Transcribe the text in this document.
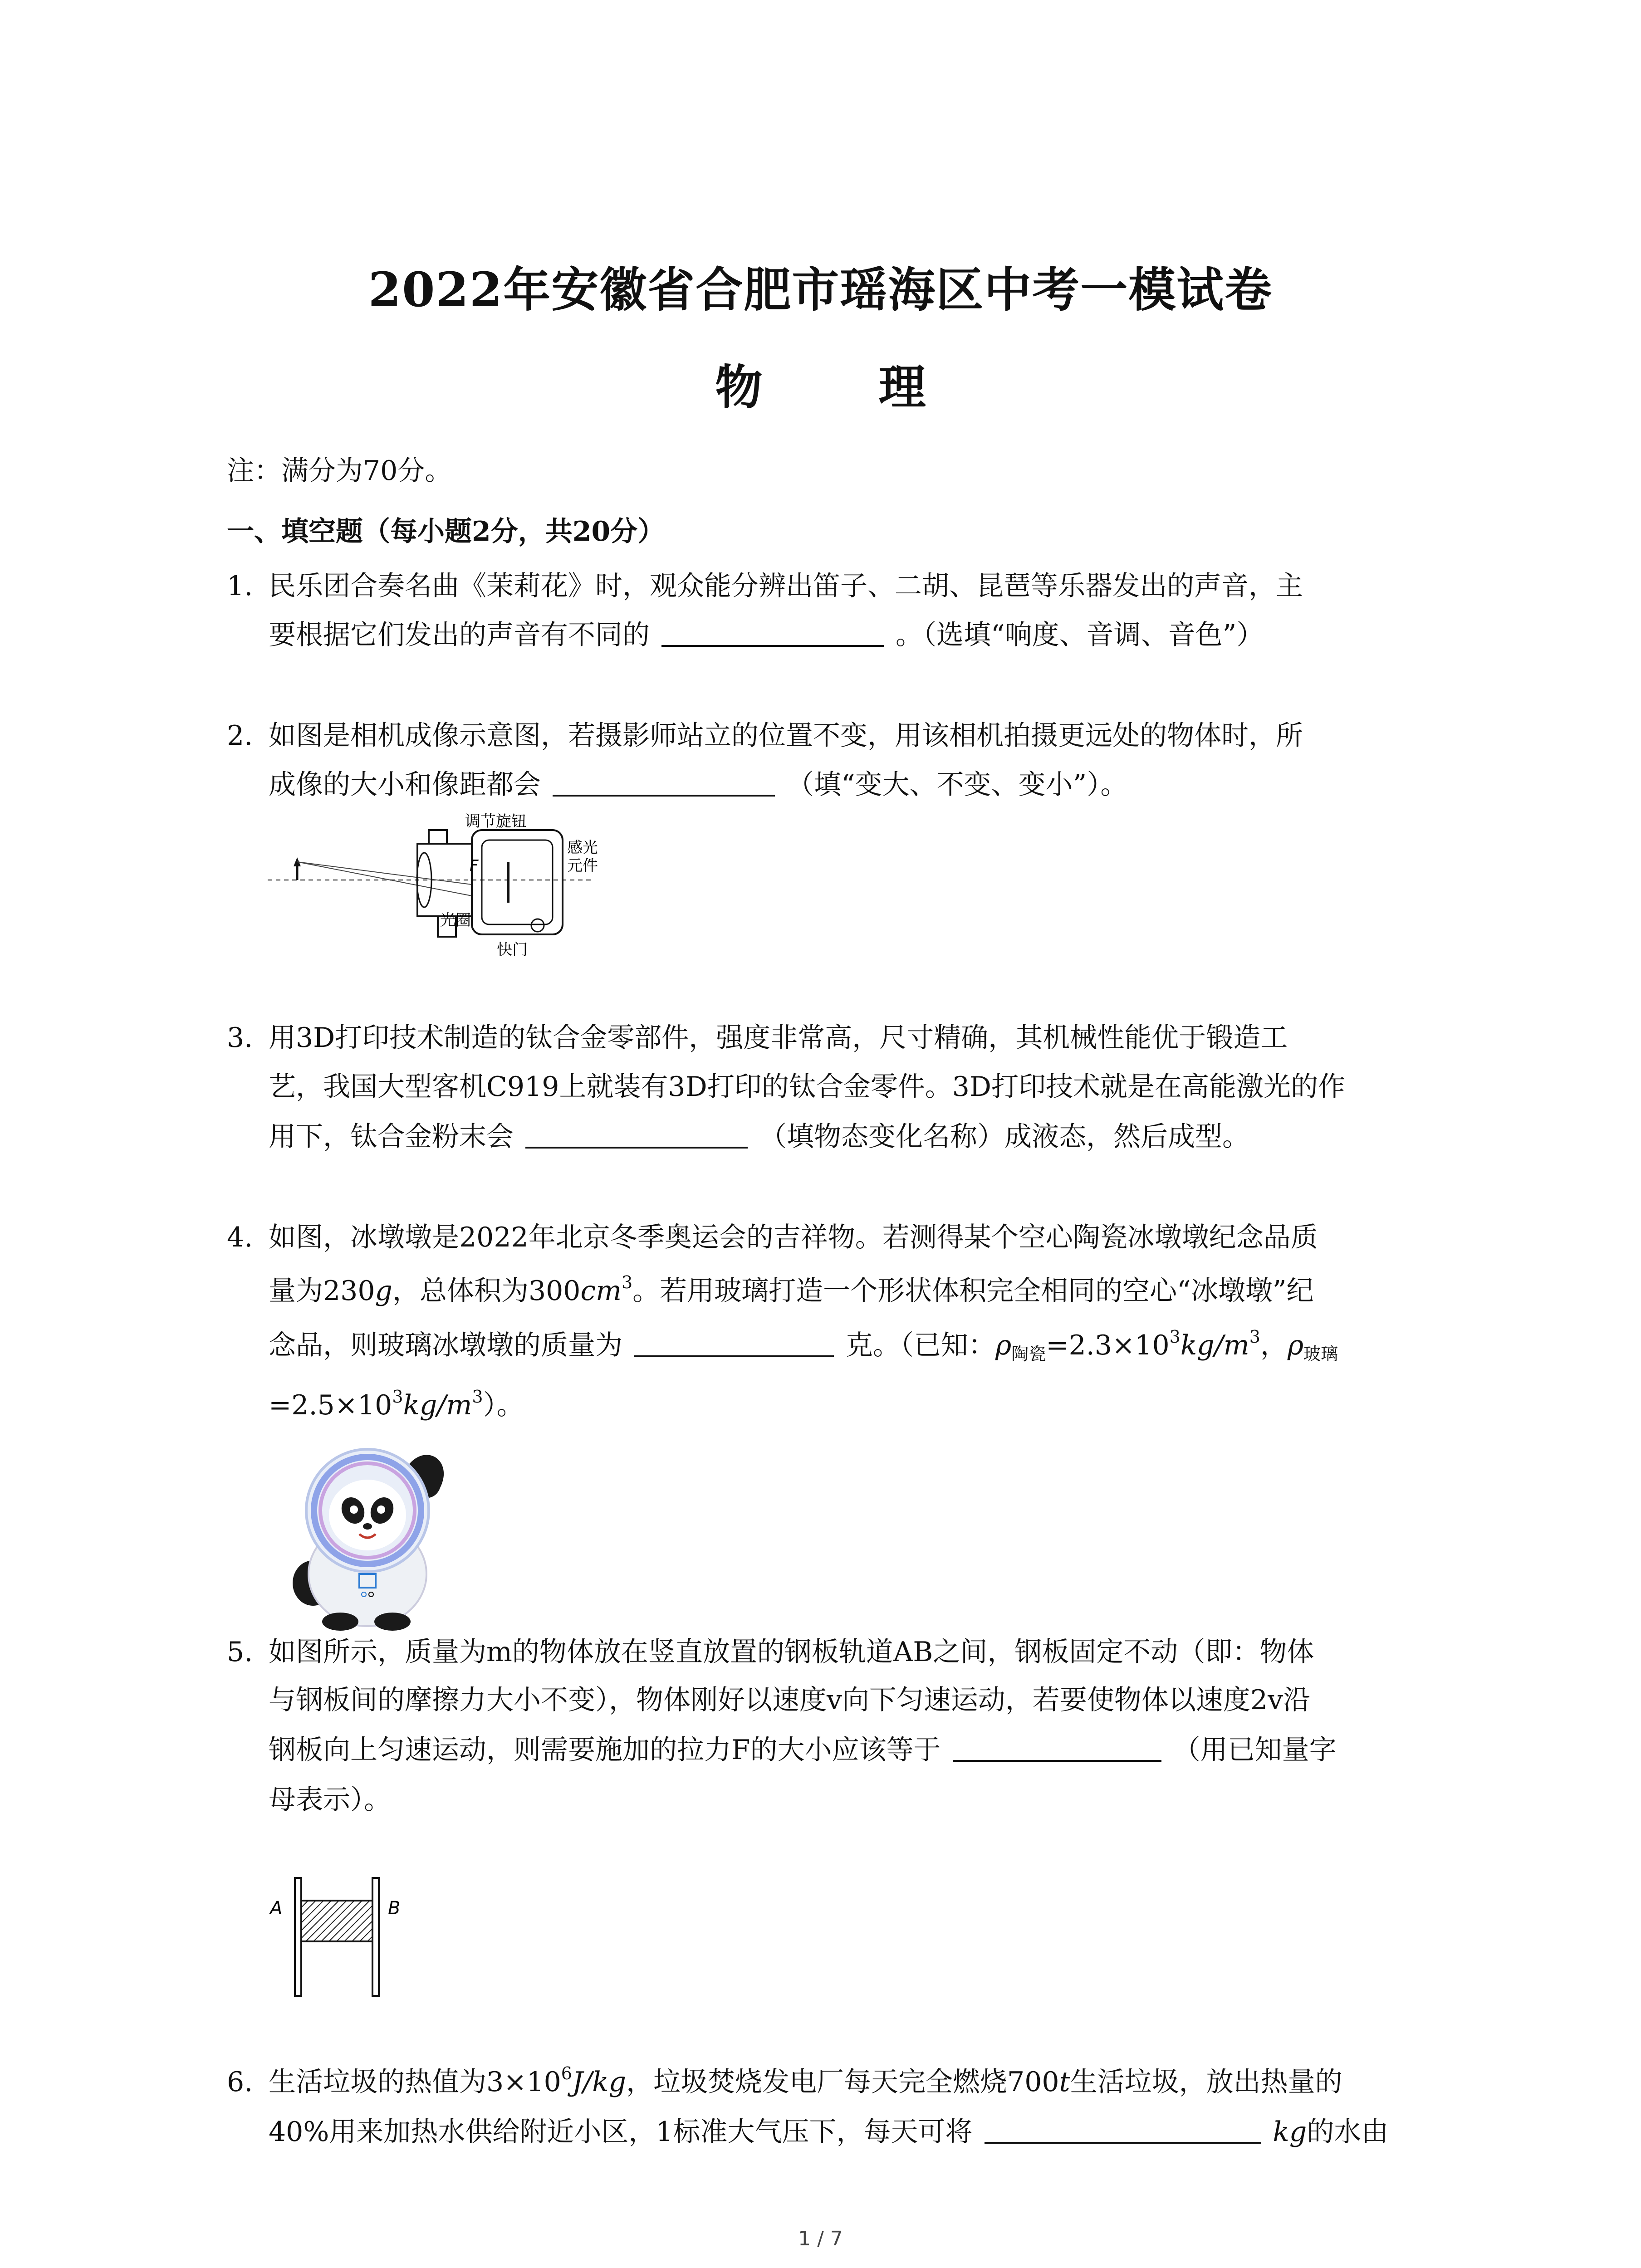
2022年安徽省合肥市瑶海区中考一模试卷
物 理
注：满分为70分。
一、填空题（每小题2分，共20分）
1. 民乐团合奏名曲《茉莉花》时，观众能分辨出笛子、二胡、昆琶等乐器发出的声音，主
要根据它们发出的声音有不同的	。（选填“响度、音调、音色”）
2. 如图是相机成像示意图，若摄影师站立的位置不变，用该相机拍摄更远处的物体时，所
成像的大小和像距都会	（填“变大、不变、变小”）。
F
调节旋钮
感光
元件
光圈
快门
3. 用3D打印技术制造的钛合金零部件，强度非常高，尺寸精确，其机械性能优于锻造工
艺，我国大型客机C919上就装有3D打印的钛合金零件。3D打印技术就是在高能激光的作
用下，钛合金粉末会	（填物态变化名称）成液态，然后成型。
4. 如图，冰墩墩是2022年北京冬季奥运会的吉祥物。若测得某个空心陶瓷冰墩墩纪念品质
量为230g，总体积为$300cm^3$。若用玻璃打造一个形状体积完全相同的空心“冰墩墩”纪
念品，则玻璃冰墩墩的质量为	克。（已知：$\rho_{陶瓷}=2.3\times 10^3kg/m^3$，$\rho_{玻璃}$
$=2.5\times 10^3kg/m^3$）。
5. 如图所示，质量为m的物体放在竖直放置的钢板轨道AB之间，钢板固定不动（即：物体
与钢板间的摩擦力大小不变），物体刚好以速度v向下匀速运动，若要使物体以速度2v沿
钢板向上匀速运动，则需要施加的拉力F的大小应该等于	（用已知量字
母表示）。
A	B
6. 生活垃圾的热值为$3\times 10^6J/kg$，垃圾焚烧发电厂每天完全燃烧700t生活垃圾，放出热量的
40%用来加热水供给附近小区，1标准大气压下，每天可将	kg的水由
1 / 7
